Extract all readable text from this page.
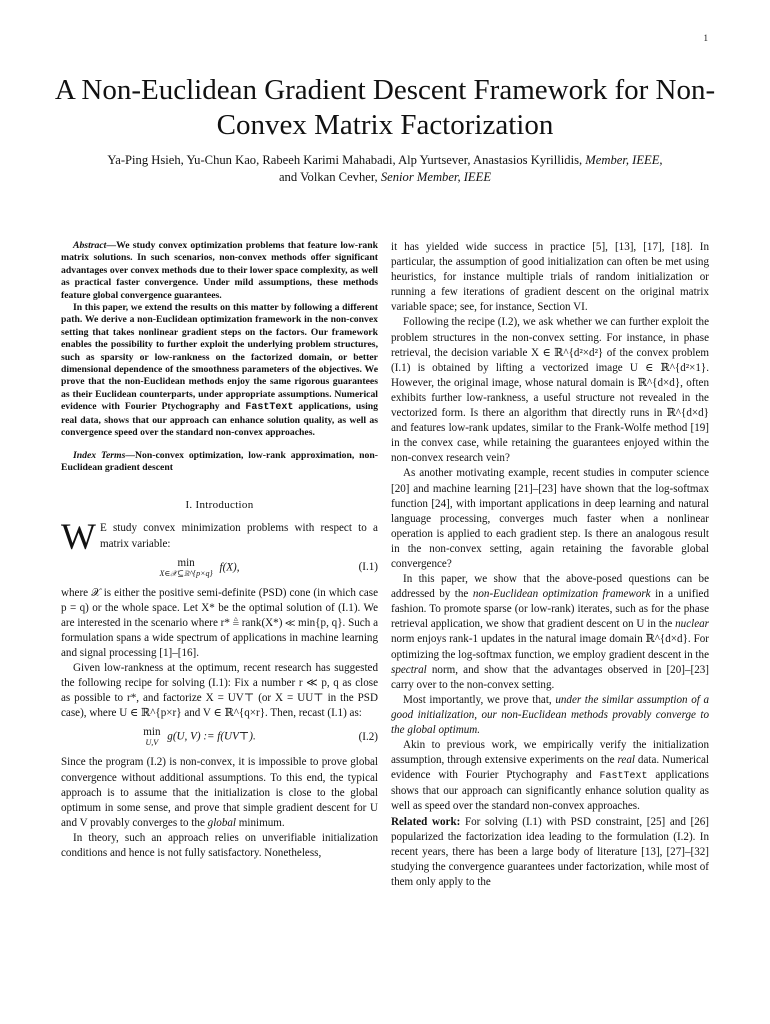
1
A Non-Euclidean Gradient Descent Framework for Non-Convex Matrix Factorization
Ya-Ping Hsieh, Yu-Chun Kao, Rabeeh Karimi Mahabadi, Alp Yurtsever, Anastasios Kyrillidis, Member, IEEE,
and Volkan Cevher, Senior Member, IEEE

Abstract—We study convex optimization problems that feature low-rank matrix solutions. In such scenarios, non-convex methods offer significant advantages over convex methods due to their lower space complexity, as well as practical faster convergence. Under mild assumptions, these methods feature global convergence guarantees.

In this paper, we extend the results on this matter by following a different path. We derive a non-Euclidean optimization framework in the non-convex setting that takes nonlinear gradient steps on the factors. Our framework enables the possibility to further exploit the underlying problem structures, such as sparsity or low-rankness on the factorized domain, or better dimensional dependence of the smoothness parameters of the objectives. We prove that the non-Euclidean methods enjoy the same rigorous guarantees as their Euclidean counterparts, under appropriate assumptions. Numerical evidence with Fourier Ptychography and FastText applications, using real data, shows that our approach can enhance solution quality, as well as convergence speed over the standard non-convex approaches.

Index Terms—Non-convex optimization, low-rank approximation, non-Euclidean gradient descent

I. Introduction

W E study convex minimization problems with respect to a matrix variable:

min
X∈𝒳⊆ℝ^{p×q} f(X),	(I.1)

where 𝒳 is either the positive semi-definite (PSD) cone (in which case p = q) or the whole space. Let X* be the optimal solution of (I.1). We are interested in the scenario where r* ≜ rank(X*) ≪ min{p, q}. Such a formulation spans a wide spectrum of applications in machine learning and signal processing [1]–[16].

Given low-rankness at the optimum, recent research has suggested the following recipe for solving (I.1): Fix a number r ≪ p, q as close as possible to r*, and factorize X = UV⊤ (or X = UU⊤ in the PSD case), where U ∈ ℝ^{p×r} and V ∈ ℝ^{q×r}. Then, recast (I.1) as:

min
U,V g(U, V) := f(UV⊤).	(I.2)

Since the program (I.2) is non-convex, it is impossible to prove global convergence without additional assumptions. To this end, the typical approach is to assume that the initialization is close to the global optimum in some sense, and prove that simple gradient descent for U and V provably converges to the global minimum.

In theory, such an approach relies on unverifiable initialization conditions and hence is not fully satisfactory. Nonetheless,

it has yielded wide success in practice [5], [13], [17], [18]. In particular, the assumption of good initialization can often be met using heuristics, for instance multiple trials of random initialization or running a few iterations of gradient descent on the original matrix variable space; see, for instance, Section VI.

Following the recipe (I.2), we ask whether we can further exploit the problem structures in the non-convex setting. For instance, in phase retrieval, the decision variable X ∈ ℝ^{d²×d²} of the convex problem (I.1) is obtained by lifting a vectorized image U ∈ ℝ^{d²×1}. However, the original image, whose natural domain is ℝ^{d×d}, often exhibits further low-rankness, a useful structure not revealed in the vectorized form. Is there an algorithm that directly runs in ℝ^{d×d} and features low-rank updates, similar to the Frank-Wolfe method [19] in the convex case, while retaining the guarantees enjoyed within the non-convex research vein?

As another motivating example, recent studies in computer science [20] and machine learning [21]–[23] have shown that the log-softmax function [24], with important applications in deep learning and natural language processing, converges much faster when a nonlinear operation is applied to each gradient step. Is there an analogous result in the non-convex setting, again retaining the favorable global convergence?

In this paper, we show that the above-posed questions can be addressed by the non-Euclidean optimization framework in a unified fashion. To promote sparse (or low-rank) iterates, such as for the phase retrieval application, we show that gradient descent on U in the nuclear norm enjoys rank-1 updates in the natural image domain ℝ^{d×d}. For optimizing the log-softmax function, we employ gradient descent in the spectral norm, and show that the advantages observed in [20]–[23] carry over to the non-convex setting.

Most importantly, we prove that, under the similar assumption of a good initialization, our non-Euclidean methods provably converge to the global optimum.

Akin to previous work, we empirically verify the initialization assumption, through extensive experiments on the real data. Numerical evidence with Fourier Ptychography and FastText applications shows that our approach can significantly enhance solution quality as well as speed over the standard non-convex approaches.

Related work: For solving (I.1) with PSD constraint, [25] and [26] popularized the factorization idea leading to the formulation (I.2). In recent years, there has been a large body of literature [13], [27]–[32] studying the convergence guarantees under factorization, while most of them only apply to the
